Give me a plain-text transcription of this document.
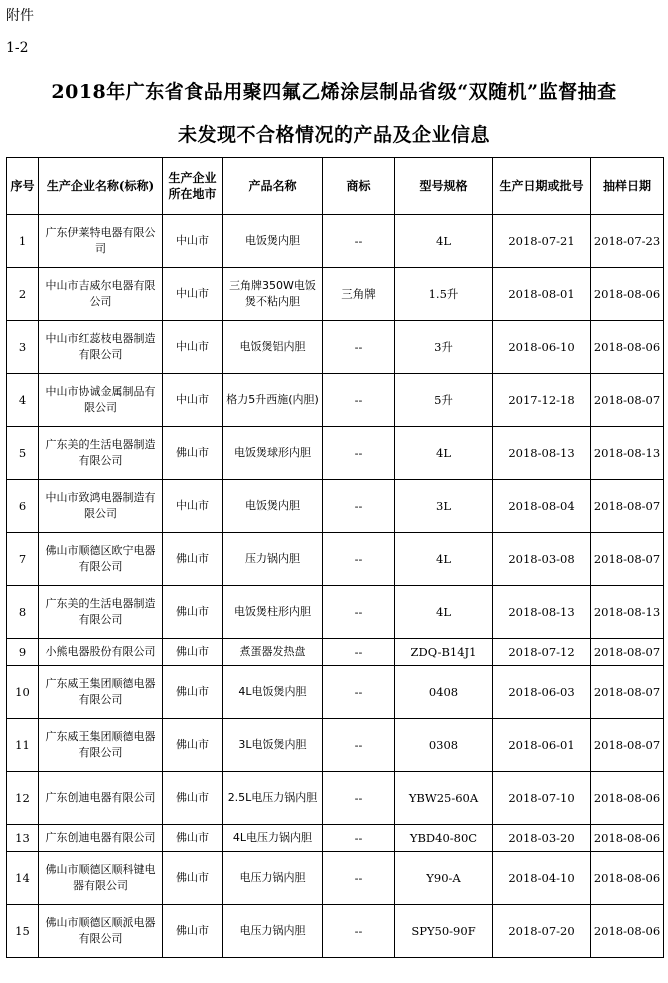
附件
1-2
2018年广东省食品用聚四氟乙烯涂层制品省级“双随机”监督抽查
未发现不合格情况的产品及企业信息
序号	生产企业名称(标称)	生产企业所在地市	产品名称	商标	型号规格	生产日期或批号	抽样日期
1	广东伊莱特电器有限公司	中山市	电饭煲内胆	--	4L	2018-07-21	2018-07-23
2	中山市吉威尔电器有限公司	中山市	三角牌350W电饭煲不粘内胆	三角牌	1.5升	2018-08-01	2018-08-06
3	中山市红蕊枝电器制造有限公司	中山市	电饭煲铝内胆	--	3升	2018-06-10	2018-08-06
4	中山市协诚金属制品有限公司	中山市	格力5升西施(内胆)	--	5升	2017-12-18	2018-08-07
5	广东美的生活电器制造有限公司	佛山市	电饭煲球形内胆	--	4L	2018-08-13	2018-08-13
6	中山市致鸿电器制造有限公司	中山市	电饭煲内胆	--	3L	2018-08-04	2018-08-07
7	佛山市顺德区欧宁电器有限公司	佛山市	压力锅内胆	--	4L	2018-03-08	2018-08-07
8	广东美的生活电器制造有限公司	佛山市	电饭煲柱形内胆	--	4L	2018-08-13	2018-08-13
9	小熊电器股份有限公司	佛山市	煮蛋器发热盘	--	ZDQ-B14J1	2018-07-12	2018-08-07
10	广东威王集团顺德电器有限公司	佛山市	4L电饭煲内胆	--	0408	2018-06-03	2018-08-07
11	广东威王集团顺德电器有限公司	佛山市	3L电饭煲内胆	--	0308	2018-06-01	2018-08-07
12	广东创迪电器有限公司	佛山市	2.5L电压力锅内胆	--	YBW25-60A	2018-07-10	2018-08-06
13	广东创迪电器有限公司	佛山市	4L电压力锅内胆	--	YBD40-80C	2018-03-20	2018-08-06
14	佛山市顺德区顺科键电器有限公司	佛山市	电压力锅内胆	--	Y90-A	2018-04-10	2018-08-06
15	佛山市顺德区顺派电器有限公司	佛山市	电压力锅内胆	--	SPY50-90F	2018-07-20	2018-08-06
